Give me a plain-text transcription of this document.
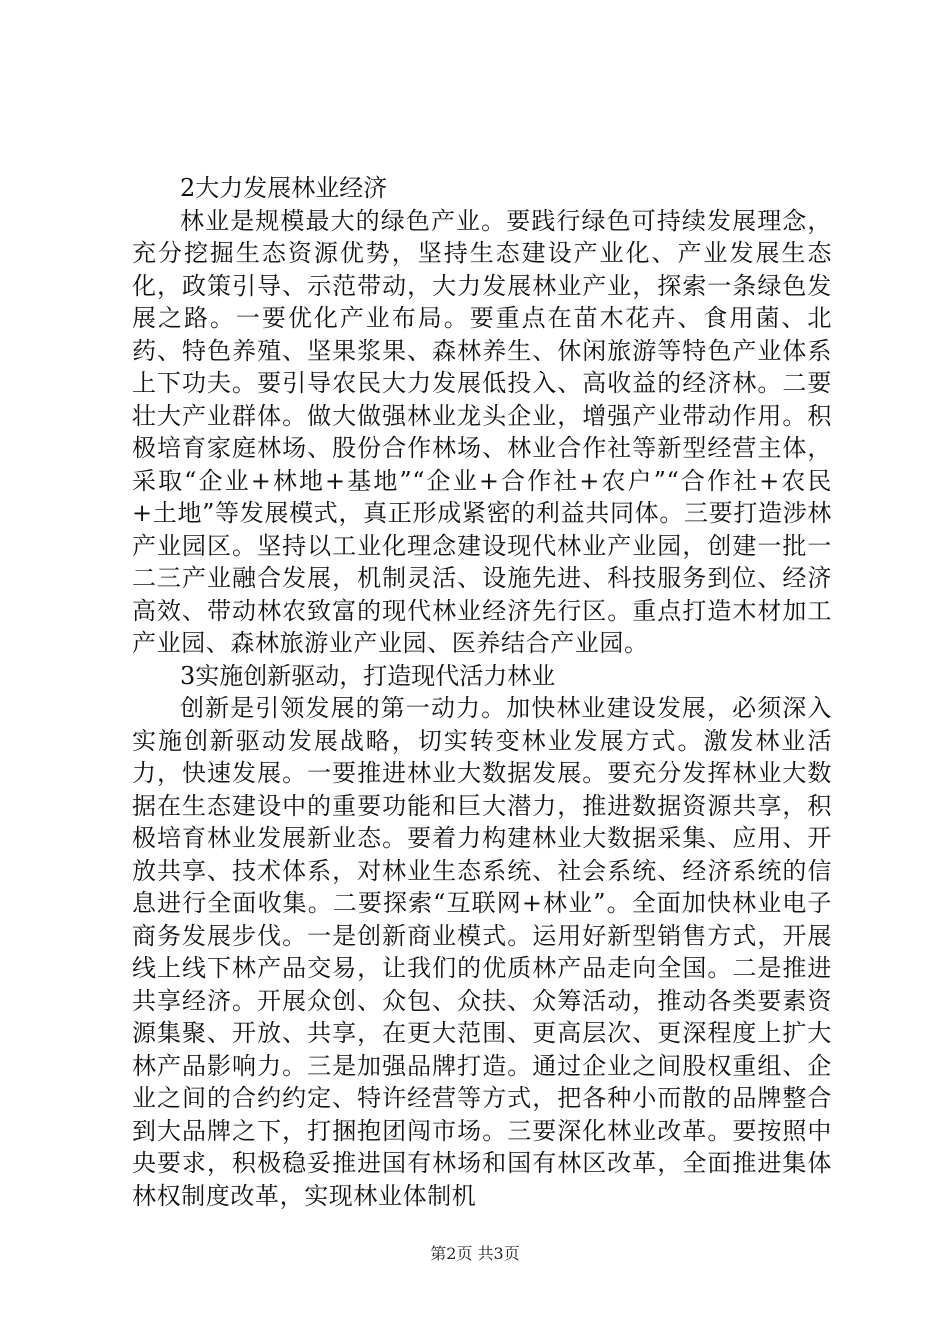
2大力发展林业经济

林业是规模最大的绿色产业。要践行绿色可持续发展理念，充分挖掘生态资源优势，坚持生态建设产业化、产业发展生态化，政策引导、示范带动，大力发展林业产业，探索一条绿色发展之路。一要优化产业布局。要重点在苗木花卉、食用菌、北药、特色养殖、坚果浆果、森林养生、休闲旅游等特色产业体系上下功夫。要引导农民大力发展低投入、高收益的经济林。二要壮大产业群体。做大做强林业龙头企业，增强产业带动作用。积极培育家庭林场、股份合作林场、林业合作社等新型经营主体，采取“企业+林地+基地”“企业+合作社+农户”“合作社+农民+土地”等发展模式，真正形成紧密的利益共同体。三要打造涉林产业园区。坚持以工业化理念建设现代林业产业园，创建一批一二三产业融合发展，机制灵活、设施先进、科技服务到位、经济高效、带动林农致富的现代林业经济先行区。重点打造木材加工产业园、森林旅游业产业园、医养结合产业园。

3实施创新驱动，打造现代活力林业

创新是引领发展的第一动力。加快林业建设发展，必须深入实施创新驱动发展战略，切实转变林业发展方式。激发林业活力，快速发展。一要推进林业大数据发展。要充分发挥林业大数据在生态建设中的重要功能和巨大潜力，推进数据资源共享，积极培育林业发展新业态。要着力构建林业大数据采集、应用、开放共享、技术体系，对林业生态系统、社会系统、经济系统的信息进行全面收集。二要探索“互联网+林业”。全面加快林业电子商务发展步伐。一是创新商业模式。运用好新型销售方式，开展线上线下林产品交易，让我们的优质林产品走向全国。二是推进共享经济。开展众创、众包、众扶、众筹活动，推动各类要素资源集聚、开放、共享，在更大范围、更高层次、更深程度上扩大林产品影响力。三是加强品牌打造。通过企业之间股权重组、企业之间的合约约定、特许经营等方式，把各种小而散的品牌整合到大品牌之下，打捆抱团闯市场。三要深化林业改革。要按照中央要求，积极稳妥推进国有林场和国有林区改革，全面推进集体林权制度改革，实现林业体制机

第2页 共3页
